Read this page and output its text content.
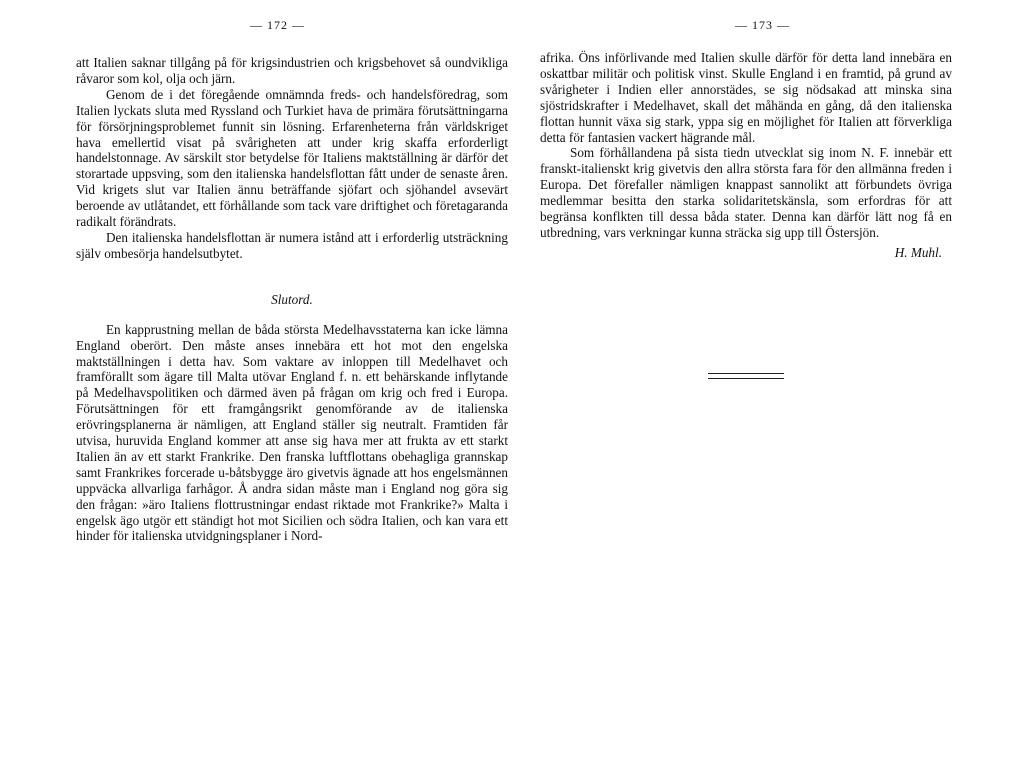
— 172 —

att Italien saknar tillgång på för krigsindustrien och krigsbehovet så oundvikliga råvaror som kol, olja och järn.

Genom de i det föregående omnämnda freds- och handelsföredrag, som Italien lyckats sluta med Ryssland och Turkiet hava de primära förutsättningarna för försörjningsproblemet funnit sin lösning. Erfarenheterna från världskriget hava emellertid visat på svårigheten att under krig skaffa erforderligt handelstonnage. Av särskilt stor betydelse för Italiens maktställning är därför det storartade uppsving, som den italienska handelsflottan fått under de senaste åren. Vid krigets slut var Italien ännu beträffande sjöfart och sjöhandel avsevärt beroende av utlåtandet, ett förhållande som tack vare driftighet och företagaranda radikalt förändrats.

Den italienska handelsflottan är numera istånd att i erforderlig utsträckning själv ombesörja handelsutbytet.

Slutord.

En kapprustning mellan de båda största Medelhavsstaterna kan icke lämna England oberört. Den måste anses innebära ett hot mot den engelska maktställningen i detta hav. Som vaktare av inloppen till Medelhavet och framförallt som ägare till Malta utövar England f. n. ett behärskande inflytande på Medelhavspolitiken och därmed även på frågan om krig och fred i Europa. Förutsättningen för ett framgångsrikt genomförande av de italienska erövringsplanerna är nämligen, att England ställer sig neutralt. Framtiden får utvisa, huruvida England kommer att anse sig hava mer att frukta av ett starkt Italien än av ett starkt Frankrike. Den franska luftflottans obehagliga grannskap samt Frankrikes forcerade u-båtsbygge äro givetvis ägnade att hos engelsmännen uppväcka allvarliga farhågor. Å andra sidan måste man i England nog göra sig den frågan: »äro Italiens flottrustningar endast riktade mot Frankrike?» Malta i engelsk ägo utgör ett ständigt hot mot Sicilien och södra Italien, och kan vara ett hinder för italienska utvidgningsplaner i Nord-

— 173 —

afrika. Öns införlivande med Italien skulle därför för detta land innebära en oskattbar militär och politisk vinst. Skulle England i en framtid, på grund av svårigheter i Indien eller annorstädes, se sig nödsakad att minska sina sjöstridskrafter i Medelhavet, skall det måhända en gång, då den italienska flottan hunnit växa sig stark, yppa sig en möjlighet för Italien att förverkliga detta för fantasien vackert hägrande mål.

Som förhållandena på sista tiedn utvecklat sig inom N. F. innebär ett franskt-italienskt krig givetvis den allra största fara för den allmänna freden i Europa. Det förefaller nämligen knappast sannolikt att förbundets övriga medlemmar besitta den starka solidaritetskänsla, som erfordras för att begränsa konflkten till dessa båda stater. Denna kan därför lätt nog få en utbredning, vars verkningar kunna sträcka sig upp till Östersjön.

H. Muhl.
